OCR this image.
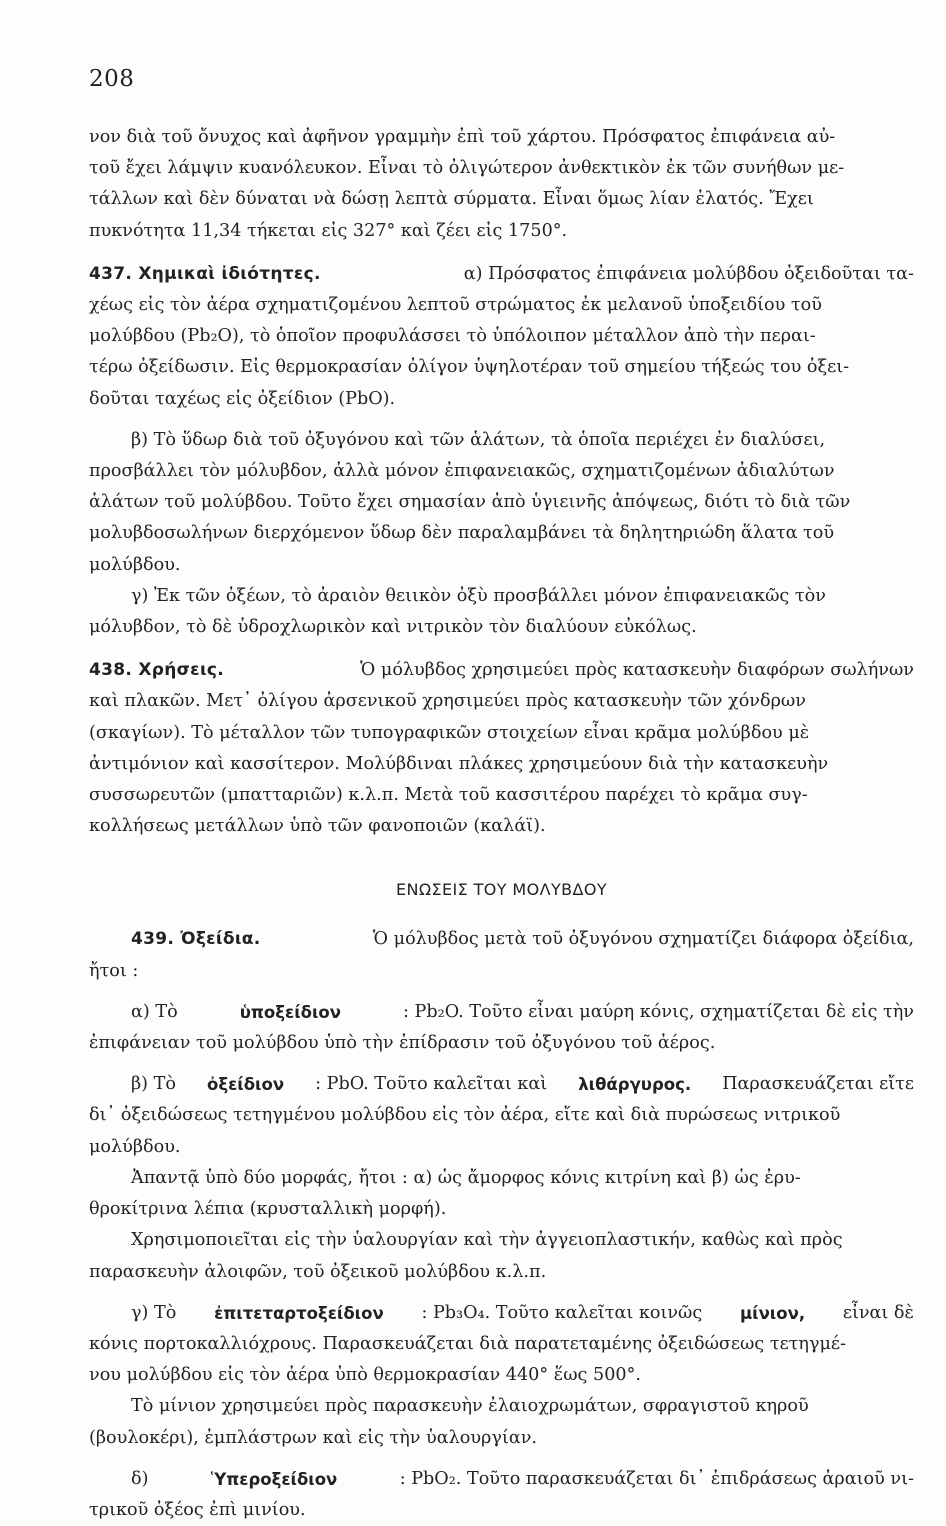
208
νον διὰ τοῦ ὄνυχος καὶ ἀφῆνον γραμμὴν ἐπὶ τοῦ χάρτου. Πρόσφατος ἐπιφάνεια αὐ-
τοῦ ἔχει λάμψιν κυανόλευκον. Εἶναι τὸ ὀλιγώτερον ἀνθεκτικὸν ἐκ τῶν συνήθων με-
τάλλων καὶ δὲν δύναται νὰ δώσῃ λεπτὰ σύρματα. Εἶναι ὅμως λίαν ἐλατός. Ἔχει
πυκνότητα 11,34 τήκεται εἰς 327° καὶ ζέει εἰς 1750°.
437. Χημικαὶ ἰδιότητες.	α) Πρόσφατος ἐπιφάνεια μολύβδου ὀξειδοῦται τα-
χέως εἰς τὸν ἀέρα σχηματιζομένου λεπτοῦ στρώματος ἐκ μελανοῦ ὑποξειδίου τοῦ
μολύβδου (Pb₂O), τὸ ὁποῖον προφυλάσσει τὸ ὑπόλοιπον μέταλλον ἀπὸ τὴν περαι-
τέρω ὀξείδωσιν. Εἰς θερμοκρασίαν ὀλίγον ὑψηλοτέραν τοῦ σημείου τήξεώς του ὀξει-
δοῦται ταχέως εἰς ὀξείδιον (PbO).
β) Τὸ ὕδωρ διὰ τοῦ ὀξυγόνου καὶ τῶν ἁλάτων, τὰ ὁποῖα περιέχει ἐν διαλύσει,
προσβάλλει τὸν μόλυβδον, ἀλλὰ μόνον ἐπιφανειακῶς, σχηματιζομένων ἀδιαλύτων
ἁλάτων τοῦ μολύβδου. Τοῦτο ἔχει σημασίαν ἀπὸ ὑγιεινῆς ἀπόψεως, διότι τὸ διὰ τῶν
μολυβδοσωλήνων διερχόμενον ὕδωρ δὲν παραλαμβάνει τὰ δηλητηριώδη ἅλατα τοῦ
μολύβδου.
γ) Ἐκ τῶν ὀξέων, τὸ ἀραιὸν θειικὸν ὀξὺ προσβάλλει μόνον ἐπιφανειακῶς τὸν
μόλυβδον, τὸ δὲ ὑδροχλωρικὸν καὶ νιτρικὸν τὸν διαλύουν εὐκόλως.
438. Χρήσεις.	Ὁ μόλυβδος χρησιμεύει πρὸς κατασκευὴν διαφόρων σωλήνων
καὶ πλακῶν. Μετ᾽ ὀλίγου ἀρσενικοῦ χρησιμεύει πρὸς κατασκευὴν τῶν χόνδρων
(σκαγίων). Τὸ μέταλλον τῶν τυπογραφικῶν στοιχείων εἶναι κρᾶμα μολύβδου μὲ
ἀντιμόνιον καὶ κασσίτερον. Μολύβδιναι πλάκες χρησιμεύουν διὰ τὴν κατασκευὴν
συσσωρευτῶν (μπατταριῶν) κ.λ.π. Μετὰ τοῦ κασσιτέρου παρέχει τὸ κρᾶμα συγ-
κολλήσεως μετάλλων ὑπὸ τῶν φανοποιῶν (καλάϊ).
ΕΝΩΣΕΙΣ ΤΟΥ ΜΟΛΥΒΔΟΥ
439. Ὀξείδια.	Ὁ μόλυβδος μετὰ τοῦ ὀξυγόνου σχηματίζει διάφορα ὀξείδια,
ἤτοι :
α) Τὸ	ὑποξείδιον	: Pb₂O. Τοῦτο εἶναι μαύρη κόνις, σχηματίζεται δὲ εἰς τὴν
ἐπιφάνειαν τοῦ μολύβδου ὑπὸ τὴν ἐπίδρασιν τοῦ ὀξυγόνου τοῦ ἀέρος.
β) Τὸ ὀξείδιον : PbO. Τοῦτο καλεῖται καὶ λιθάργυρος. Παρασκευάζεται εἴτε
δι᾽ ὀξειδώσεως τετηγμένου μολύβδου εἰς τὸν ἀέρα, εἴτε καὶ διὰ πυρώσεως νιτρικοῦ
μολύβδου.
Ἀπαντᾷ ὑπὸ δύο μορφάς, ἤτοι : α) ὡς ἄμορφος κόνις κιτρίνη καὶ β) ὡς ἐρυ-
θροκίτρινα λέπια (κρυσταλλικὴ μορφή).
Χρησιμοποιεῖται εἰς τὴν ὑαλουργίαν καὶ τὴν ἀγγειοπλαστικήν, καθὼς καὶ πρὸς
παρασκευὴν ἀλοιφῶν, τοῦ ὀξεικοῦ μολύβδου κ.λ.π.
γ) Τὸ ἐπιτεταρτοξείδιον : Pb₃O₄. Τοῦτο καλεῖται κοινῶς μίνιον, εἶναι δὲ
κόνις πορτοκαλλιόχρους. Παρασκευάζεται διὰ παρατεταμένης ὀξειδώσεως τετηγμέ-
νου μολύβδου εἰς τὸν ἀέρα ὑπὸ θερμοκρασίαν 440° ἕως 500°.
Τὸ μίνιον χρησιμεύει πρὸς παρασκευὴν ἐλαιοχρωμάτων, σφραγιστοῦ κηροῦ
(βουλοκέρι), ἐμπλάστρων καὶ εἰς τὴν ὑαλουργίαν.
δ)	Ὑπεροξείδιον	: PbO₂. Τοῦτο παρασκευάζεται δι᾽ ἐπιδράσεως ἀραιοῦ νι-
τρικοῦ ὀξέος ἐπὶ μινίου.
